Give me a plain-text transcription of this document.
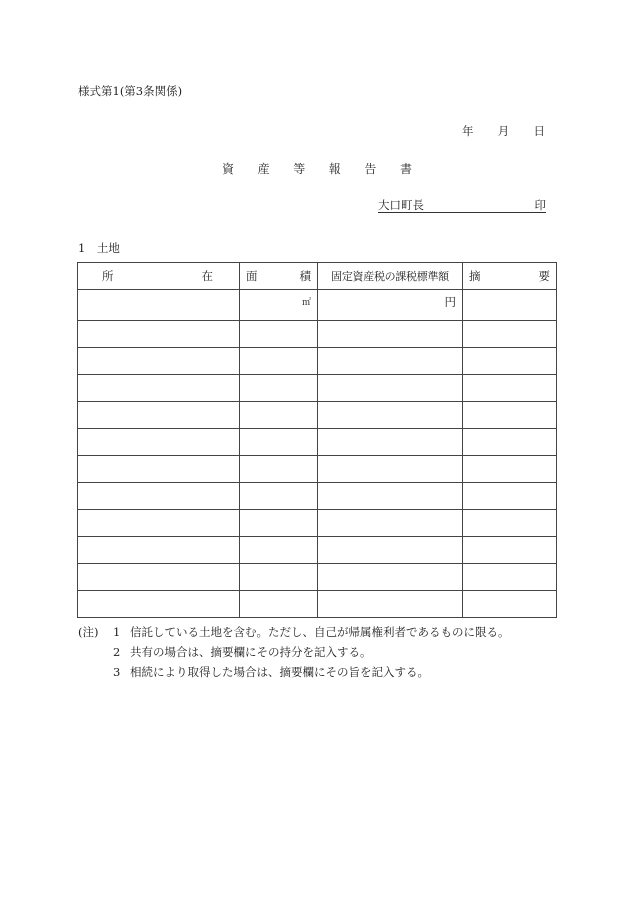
様式第1(第3条関係)
年 月 日
資 産 等 報 告 書
大口町長	印
1　土地
所 在	面 積	固定資産税の課税標準額	摘 要

	㎡	円	

(注)	1 信託している土地を含む。ただし、自己が帰属権利者であるものに限る。
2 共有の場合は、摘要欄にその持分を記入する。
3 相続により取得した場合は、摘要欄にその旨を記入する。
